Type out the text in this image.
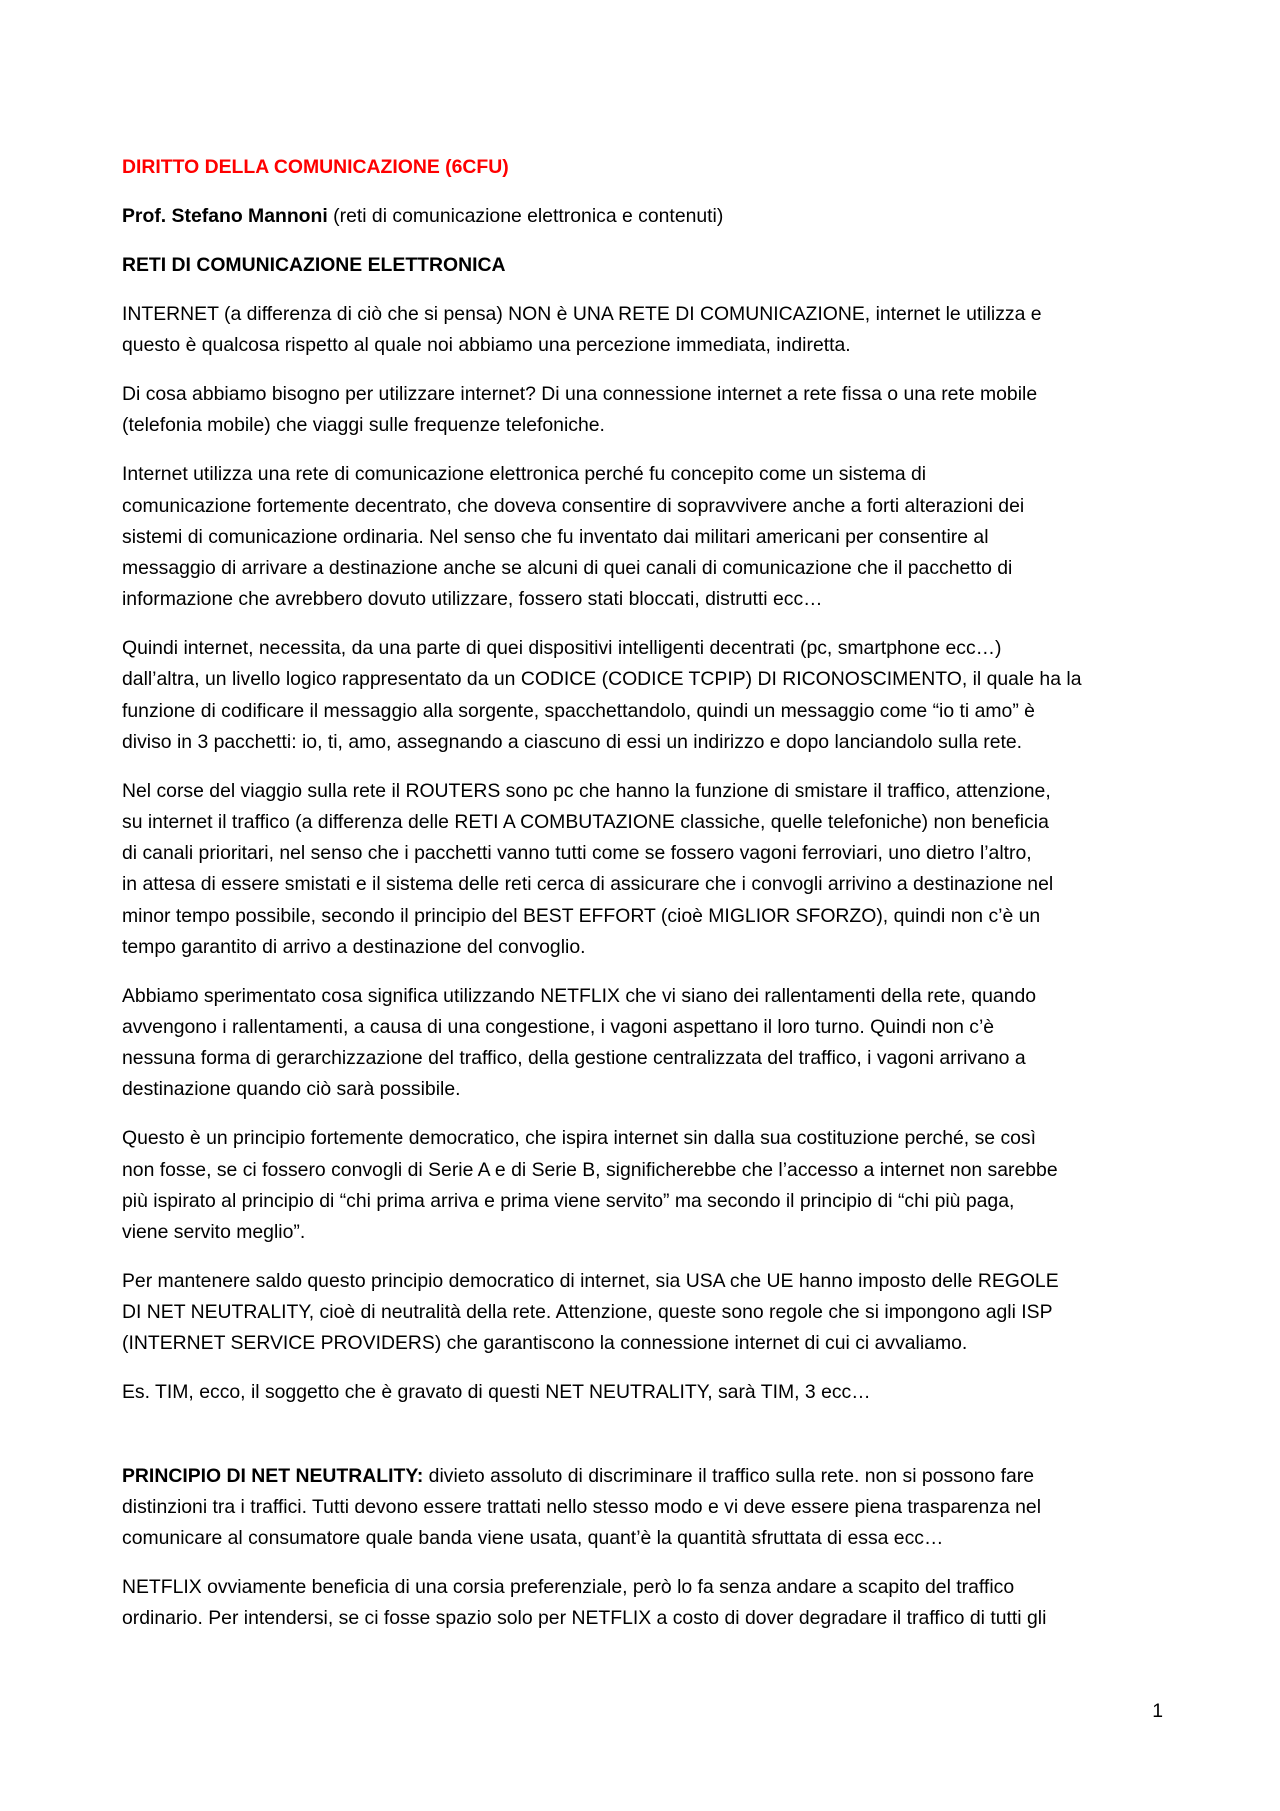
DIRITTO DELLA COMUNICAZIONE (6CFU)

Prof. Stefano Mannoni (reti di comunicazione elettronica e contenuti)

RETI DI COMUNICAZIONE ELETTRONICA

INTERNET (a differenza di ciò che si pensa) NON è UNA RETE DI COMUNICAZIONE, internet le utilizza e

questo è qualcosa rispetto al quale noi abbiamo una percezione immediata, indiretta.

Di cosa abbiamo bisogno per utilizzare internet? Di una connessione internet a rete fissa o una rete mobile

(telefonia mobile) che viaggi sulle frequenze telefoniche.

Internet utilizza una rete di comunicazione elettronica perché fu concepito come un sistema di

comunicazione fortemente decentrato, che doveva consentire di sopravvivere anche a forti alterazioni dei

sistemi di comunicazione ordinaria. Nel senso che fu inventato dai militari americani per consentire al

messaggio di arrivare a destinazione anche se alcuni di quei canali di comunicazione che il pacchetto di

informazione che avrebbero dovuto utilizzare, fossero stati bloccati, distrutti ecc…

Quindi internet, necessita, da una parte di quei dispositivi intelligenti decentrati (pc, smartphone ecc…)

dall’altra, un livello logico rappresentato da un CODICE (CODICE TCPIP) DI RICONOSCIMENTO, il quale ha la

funzione di codificare il messaggio alla sorgente, spacchettandolo, quindi un messaggio come “io ti amo” è

diviso in 3 pacchetti: io, ti, amo, assegnando a ciascuno di essi un indirizzo e dopo lanciandolo sulla rete.

Nel corse del viaggio sulla rete il ROUTERS sono pc che hanno la funzione di smistare il traffico, attenzione,

su internet il traffico (a differenza delle RETI A COMBUTAZIONE classiche, quelle telefoniche) non beneficia

di canali prioritari, nel senso che i pacchetti vanno tutti come se fossero vagoni ferroviari, uno dietro l’altro,

in attesa di essere smistati e il sistema delle reti cerca di assicurare che i convogli arrivino a destinazione nel

minor tempo possibile, secondo il principio del BEST EFFORT (cioè MIGLIOR SFORZO), quindi non c’è un

tempo garantito di arrivo a destinazione del convoglio.

Abbiamo sperimentato cosa significa utilizzando NETFLIX che vi siano dei rallentamenti della rete, quando

avvengono i rallentamenti, a causa di una congestione, i vagoni aspettano il loro turno. Quindi non c’è

nessuna forma di gerarchizzazione del traffico, della gestione centralizzata del traffico, i vagoni arrivano a

destinazione quando ciò sarà possibile.

Questo è un principio fortemente democratico, che ispira internet sin dalla sua costituzione perché, se così

non fosse, se ci fossero convogli di Serie A e di Serie B, significherebbe che l’accesso a internet non sarebbe

più ispirato al principio di “chi prima arriva e prima viene servito” ma secondo il principio di “chi più paga,

viene servito meglio”.

Per mantenere saldo questo principio democratico di internet, sia USA che UE hanno imposto delle REGOLE

DI NET NEUTRALITY, cioè di neutralità della rete. Attenzione, queste sono regole che si impongono agli ISP

(INTERNET SERVICE PROVIDERS) che garantiscono la connessione internet di cui ci avvaliamo.

Es. TIM, ecco, il soggetto che è gravato di questi NET NEUTRALITY, sarà TIM, 3 ecc…

PRINCIPIO DI NET NEUTRALITY: divieto assoluto di discriminare il traffico sulla rete. non si possono fare

distinzioni tra i traffici. Tutti devono essere trattati nello stesso modo e vi deve essere piena trasparenza nel

comunicare al consumatore quale banda viene usata, quant’è la quantità sfruttata di essa ecc…

NETFLIX ovviamente beneficia di una corsia preferenziale, però lo fa senza andare a scapito del traffico

ordinario. Per intendersi, se ci fosse spazio solo per NETFLIX a costo di dover degradare il traffico di tutti gli

1
